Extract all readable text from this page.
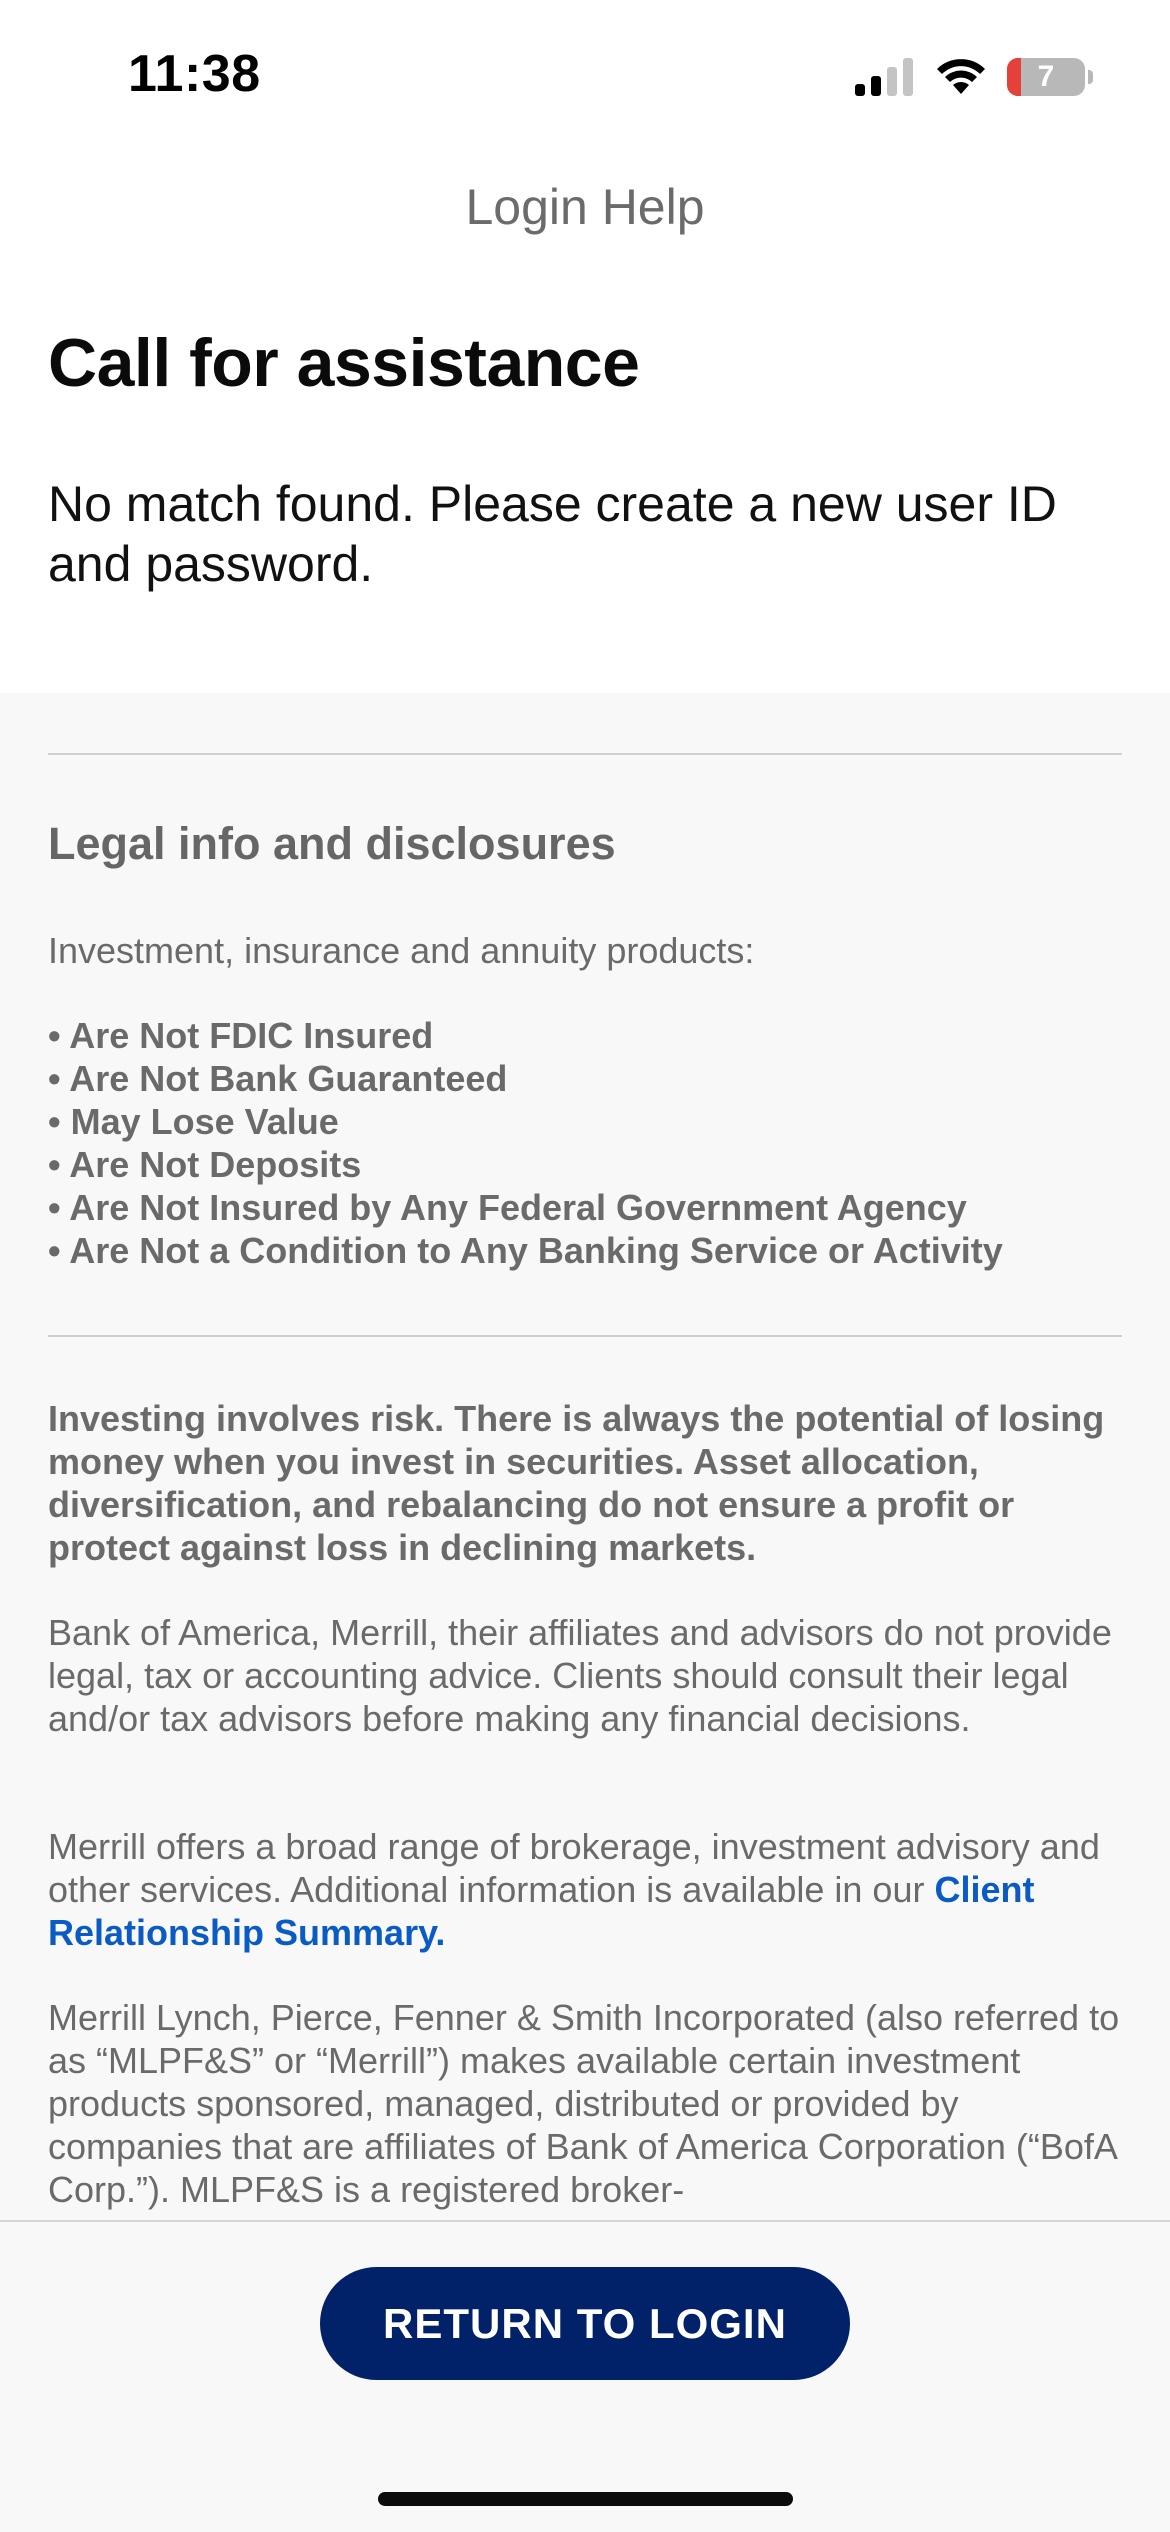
11:38	7
Login Help
Call for assistance
No match found. Please create a new user ID and password.
Legal info and disclosures
Investment, insurance and annuity products:
• Are Not FDIC Insured
• Are Not Bank Guaranteed
• May Lose Value
• Are Not Deposits
• Are Not Insured by Any Federal Government Agency
• Are Not a Condition to Any Banking Service or Activity
Investing involves risk. There is always the potential of losing money when you invest in securities. Asset allocation, diversification, and rebalancing do not ensure a profit or protect against loss in declining markets.
Bank of America, Merrill, their affiliates and advisors do not provide legal, tax or accounting advice. Clients should consult their legal and/or tax advisors before making any financial decisions.
Merrill offers a broad range of brokerage, investment advisory and other services. Additional information is available in our Client Relationship Summary.
Merrill Lynch, Pierce, Fenner & Smith Incorporated (also referred to as “MLPF&S” or “Merrill”) makes available certain investment products sponsored, managed, distributed or provided by companies that are affiliates of Bank of America Corporation (“BofA Corp.”). MLPF&S is a registered broker-
RETURN TO LOGIN
